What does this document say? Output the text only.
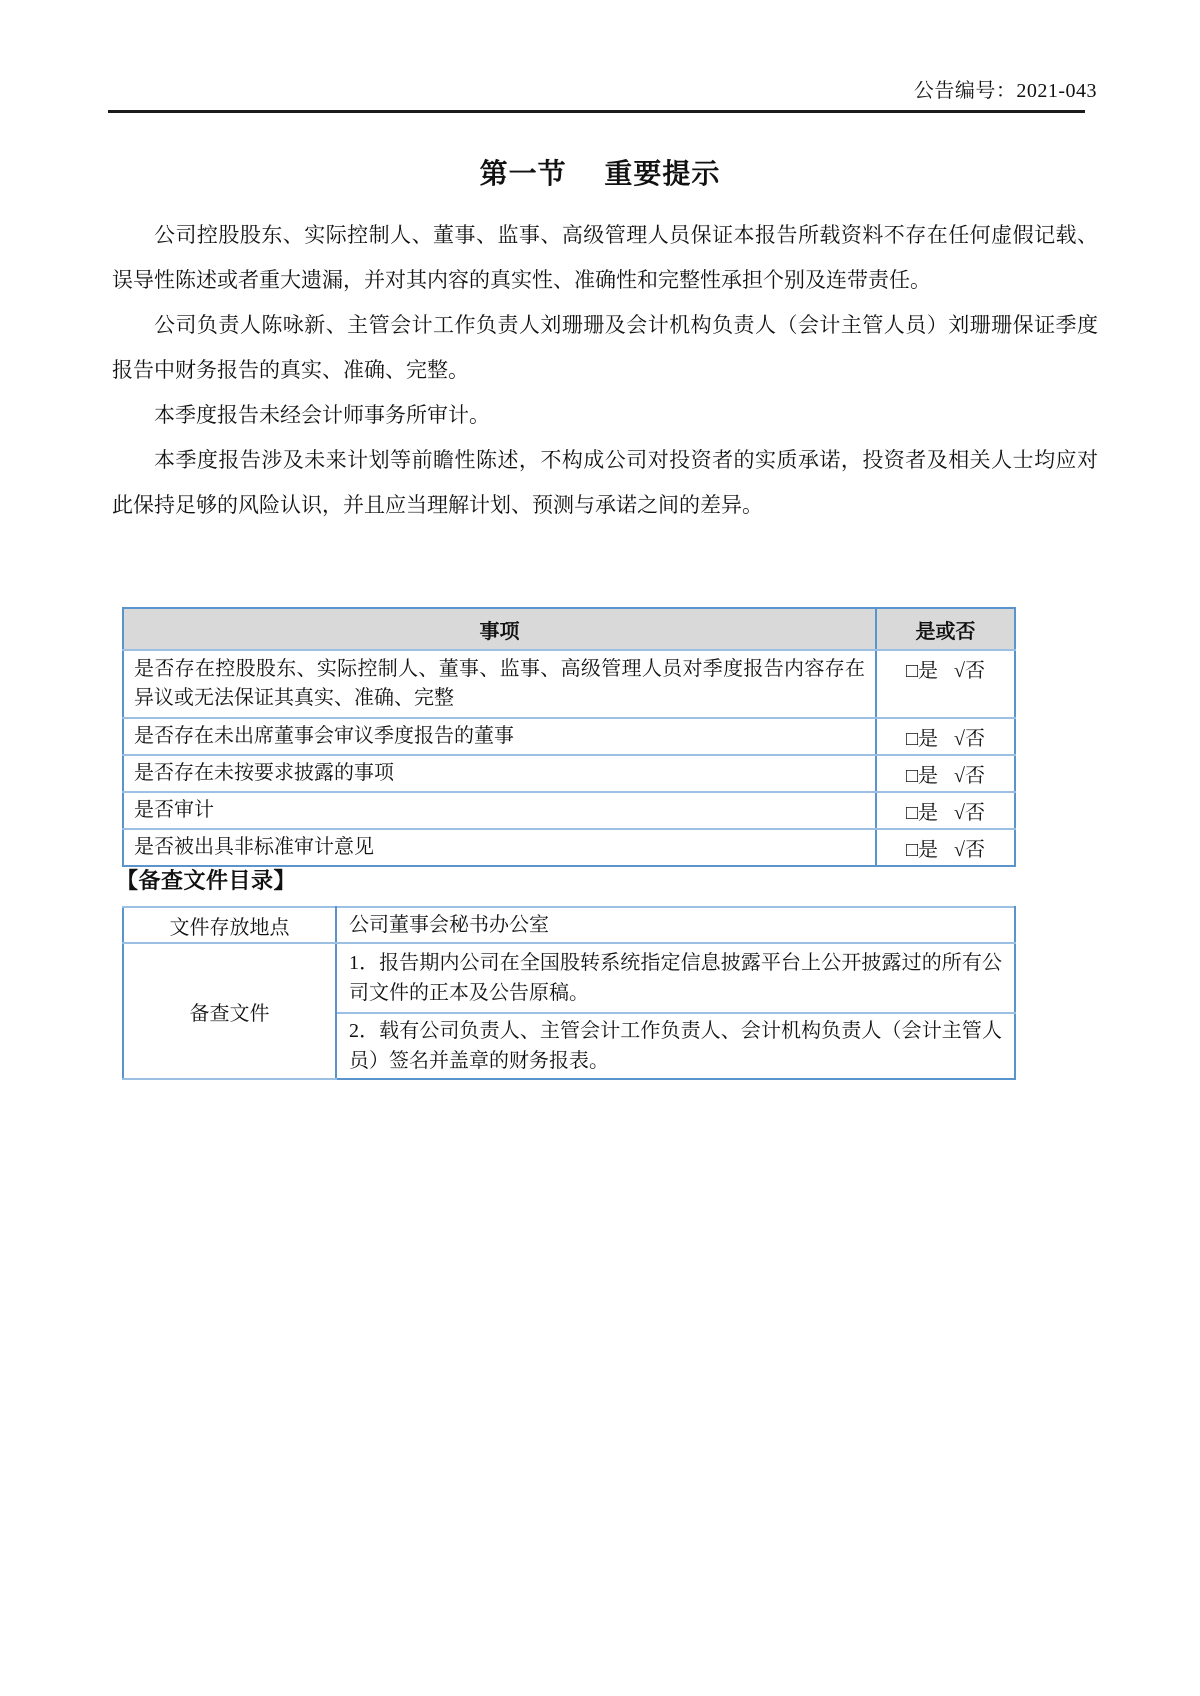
公告编号：2021-043
第一节　 重要提示

公司控股股东、实际控制人、董事、监事、高级管理人员保证本报告所载资料不存在任何虚假记载、误导性陈述或者重大遗漏，并对其内容的真实性、准确性和完整性承担个别及连带责任。

公司负责人陈咏新、主管会计工作负责人刘珊珊及会计机构负责人（会计主管人员）刘珊珊保证季度报告中财务报告的真实、准确、完整。

本季度报告未经会计师事务所审计。

本季度报告涉及未来计划等前瞻性陈述，不构成公司对投资者的实质承诺，投资者及相关人士均应对此保持足够的风险认识，并且应当理解计划、预测与承诺之间的差异。

事项	是或否
是否存在控股股东、实际控制人、董事、监事、高级管理人员对季度报告内容存在异议或无法保证其真实、准确、完整	□是 √否
是否存在未出席董事会审议季度报告的董事	□是 √否
是否存在未按要求披露的事项	□是 √否
是否审计	□是 √否
是否被出具非标准审计意见	□是 √否
【备查文件目录】
文件存放地点	公司董事会秘书办公室
备查文件	1．报告期内公司在全国股转系统指定信息披露平台上公开披露过的所有公司文件的正本及公告原稿。
	2．载有公司负责人、主管会计工作负责人、会计机构负责人（会计主管人员）签名并盖章的财务报表。
